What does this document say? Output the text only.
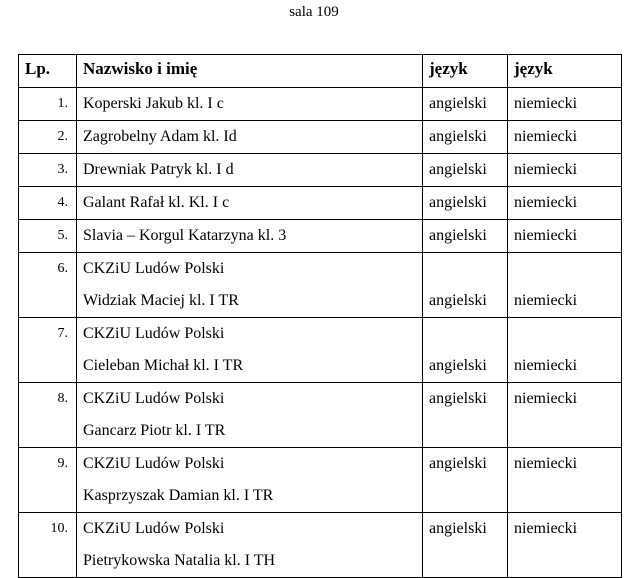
sala 109
Lp.	Nazwisko i imię	język	język
1.	Koperski Jakub kl. I c	angielski	niemiecki

2.	Zagrobelny Adam kl. Id	angielski	niemiecki

3.	Drewniak Patryk kl. I d	angielski	niemiecki

4.	Galant Rafał kl. Kl. I c	angielski	niemiecki

5.	Slavia – Korgul Katarzyna kl. 3	angielski	niemiecki

6.	CKZiU Ludów Polski
Widziak Maciej kl. I TR	angielski	niemiecki

7.	CKZiU Ludów Polski
Cieleban Michał kl. I TR	angielski	niemiecki

8.	CKZiU Ludów Polski
Gancarz Piotr kl. I TR	angielski	niemiecki

9.	CKZiU Ludów Polski
Kasprzyszak Damian kl. I TR	angielski	niemiecki

10.	CKZiU Ludów Polski
Pietrykowska Natalia kl. I TH	angielski	niemiecki
